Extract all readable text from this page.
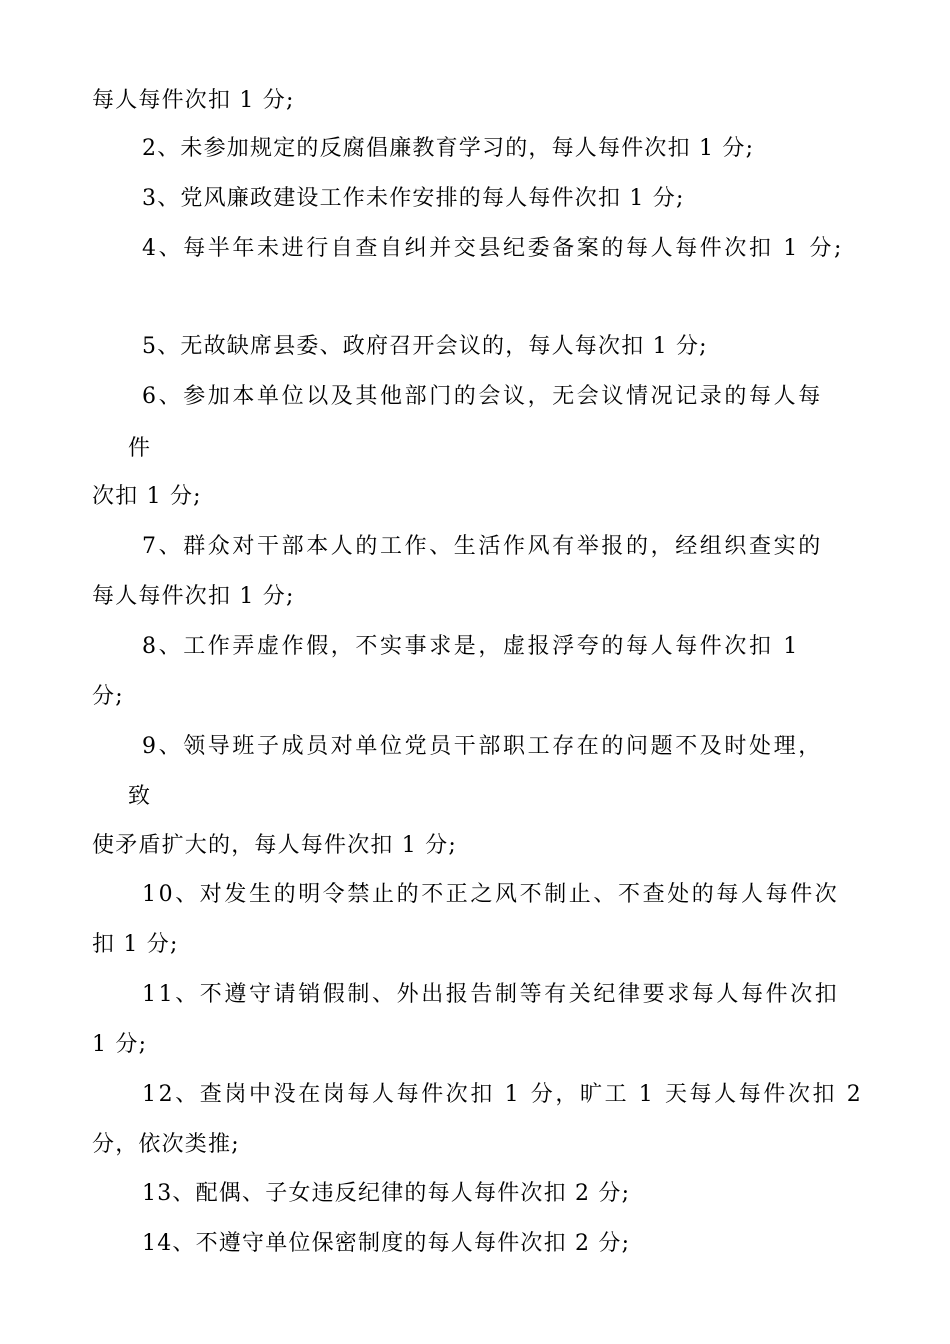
每人每件次扣 1 分;
2、未参加规定的反腐倡廉教育学习的，每人每件次扣 1 分;
3、党风廉政建设工作未作安排的每人每件次扣 1 分;
4、每半年未进行自查自纠并交县纪委备案的每人每件次扣 1 分;
5、无故缺席县委、政府召开会议的，每人每次扣 1 分;
6、参加本单位以及其他部门的会议，无会议情况记录的每人每
件
次扣 1 分;
7、群众对干部本人的工作、生活作风有举报的，经组织查实的
每人每件次扣 1 分;
8、工作弄虚作假，不实事求是，虚报浮夸的每人每件次扣 1
分;
9、领导班子成员对单位党员干部职工存在的问题不及时处理，
致
使矛盾扩大的，每人每件次扣 1 分;
10、对发生的明令禁止的不正之风不制止、不查处的每人每件次
扣 1 分;
11、不遵守请销假制、外出报告制等有关纪律要求每人每件次扣
1 分;
12、查岗中没在岗每人每件次扣 1 分，旷工 1 天每人每件次扣 2
分，依次类推;
13、配偶、子女违反纪律的每人每件次扣 2 分;
14、不遵守单位保密制度的每人每件次扣 2 分;
